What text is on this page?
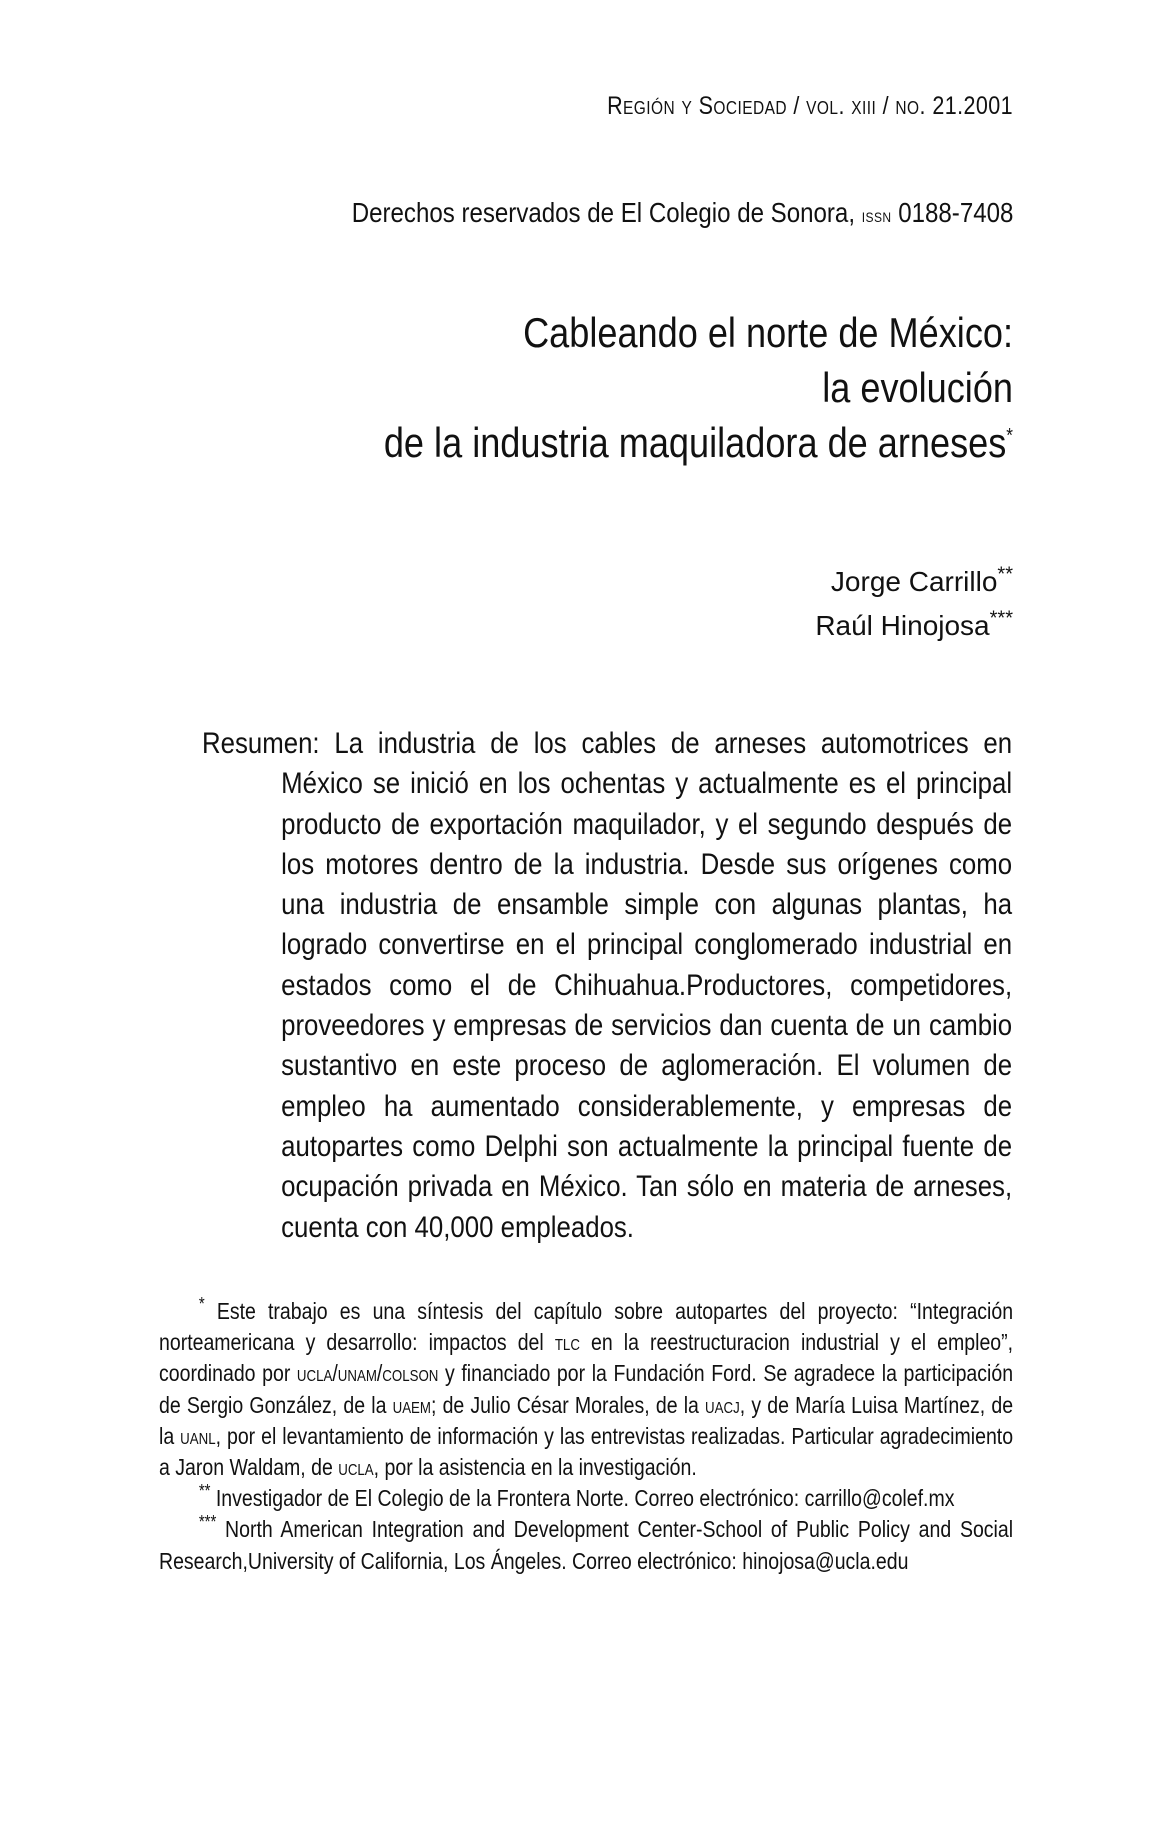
Región y Sociedad / vol. xiii / no. 21.2001
Derechos reservados de El Colegio de Sonora, issn 0188-7408
Cableando el norte de México:
la evolución
de la industria maquiladora de arneses*
Jorge Carrillo**
Raúl Hinojosa***
Resumen: La industria de los cables de arneses automotrices en México se inició en los ochentas y actualmente es el principal producto de exportación maquilador, y el segundo después de los motores dentro de la industria. Desde sus orígenes como una industria de ensamble simple con algunas plantas, ha logrado convertirse en el principal conglomerado industrial en estados como el de Chihuahua.Productores, competidores, proveedores y empresas de servicios dan cuenta de un cambio sustantivo en este proceso de aglomeración. El volumen de empleo ha aumentado considerablemente, y empresas de autopartes como Delphi son actualmente la principal fuente de ocupación privada en México. Tan sólo en materia de arneses, cuenta con 40,000 empleados.

* Este trabajo es una síntesis del capítulo sobre autopartes del proyecto: “Integración norteamericana y desarrollo: impactos del tlc en la reestructuracion industrial y el empleo”, coordinado por ucla/unam/colson y financiado por la Fundación Ford. Se agradece la participación de Sergio González, de la uaem; de Julio César Morales, de la uacj, y de María Luisa Martínez, de la uanl, por el levantamiento de información y las entrevistas realizadas. Particular agradecimiento a Jaron Waldam, de ucla, por la asistencia en la investigación.

** Investigador de El Colegio de la Frontera Norte. Correo electrónico: carrillo@colef.mx

*** North American Integration and Development Center-School of Public Policy and Social Research,University of California, Los Ángeles. Correo electrónico: hinojosa@ucla.edu
